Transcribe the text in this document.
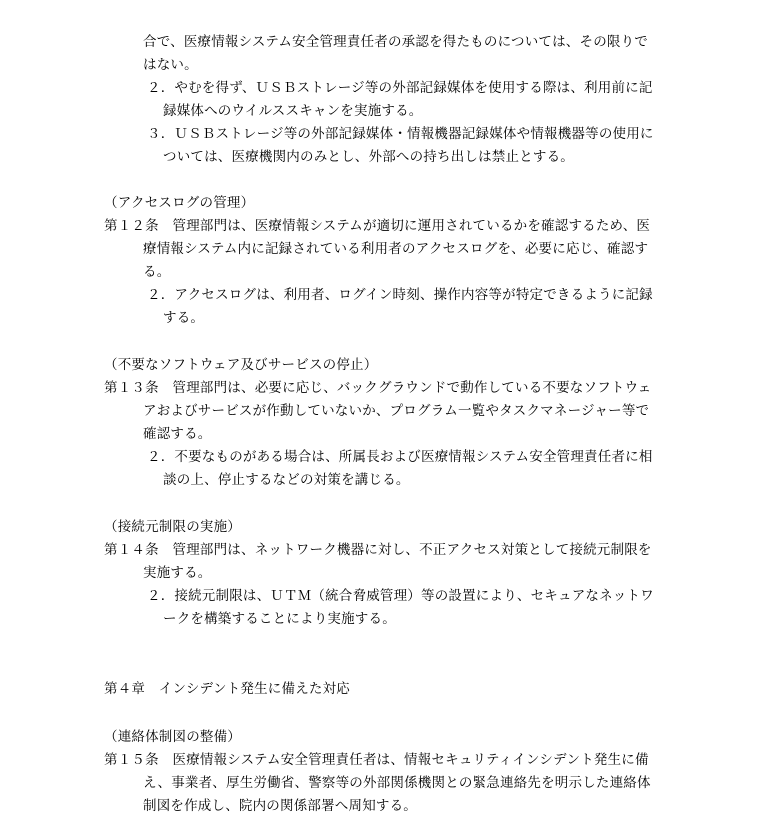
合で、医療情報システム安全管理責任者の承認を得たものについては、その限りで
はない。
２．やむを得ず、ＵＳＢストレージ等の外部記録媒体を使用する際は、利用前に記
録媒体へのウイルススキャンを実施する。
３．ＵＳＢストレージ等の外部記録媒体・情報機器記録媒体や情報機器等の使用に
ついては、医療機関内のみとし、外部への持ち出しは禁止とする。
（アクセスログの管理）
第１２条　管理部門は、医療情報システムが適切に運用されているかを確認するため、医
療情報システム内に記録されている利用者のアクセスログを、必要に応じ、確認す
る。
２．アクセスログは、利用者、ログイン時刻、操作内容等が特定できるように記録
する。
（不要なソフトウェア及びサービスの停止）
第１３条　管理部門は、必要に応じ、バックグラウンドで動作している不要なソフトウェ
アおよびサービスが作動していないか、プログラム一覧やタスクマネージャー等で
確認する。
２．不要なものがある場合は、所属長および医療情報システム安全管理責任者に相
談の上、停止するなどの対策を講じる。
（接続元制限の実施）
第１４条　管理部門は、ネットワーク機器に対し、不正アクセス対策として接続元制限を
実施する。
２．接続元制限は、ＵＴＭ（統合脅威管理）等の設置により、セキュアなネットワ
ークを構築することにより実施する。
第４章　インシデント発生に備えた対応
（連絡体制図の整備）
第１５条　医療情報システム安全管理責任者は、情報セキュリティインシデント発生に備
え、事業者、厚生労働省、警察等の外部関係機関との緊急連絡先を明示した連絡体
制図を作成し、院内の関係部署へ周知する。
